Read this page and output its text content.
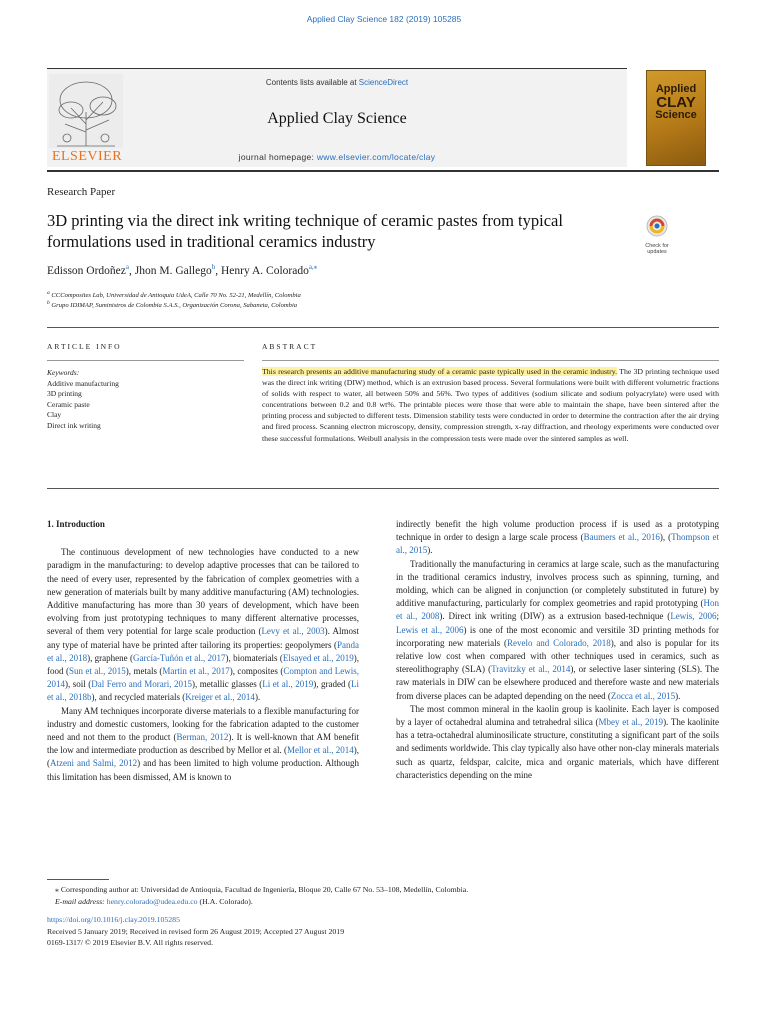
Applied Clay Science 182 (2019) 105285
ELSEVIER
Contents lists available at ScienceDirect
Applied Clay Science
journal homepage: www.elsevier.com/locate/clay
Applied
CLAY
Science
Research Paper
3D printing via the direct ink writing technique of ceramic pastes from typical formulations used in traditional ceramics industry	Check for updates
Edisson Ordoñez$^a$, Jhon M. Gallego$^b$, Henry A. Colorado$^{a,⁎}$
$^a$ CCComposites Lab, Universidad de Antioquia UdeA, Calle 70 No. 52-21, Medellín, Colombia
$^b$ Grupo IDIMAP, Suministros de Colombia S.A.S., Organización Corona, Sabaneta, Colombia
ARTICLE INFO	ABSTRACT
Keywords:
Additive manufacturing
3D printing
Ceramic paste
Clay
Direct ink writing
This research presents an additive manufacturing study of a ceramic paste typically used in the ceramic industry. The 3D printing technique used was the direct ink writing (DIW) method, which is an extrusion based process. Several formulations were built with different volumetric fractions of solids with respect to water, all between 50% and 56%. Two types of additives (sodium silicate and sodium polyacrylate) were used with concentrations between 0.2 and 0.8 wt%. The printable pieces were those that were able to maintain the shape, have been sintered after the printing process and subjected to different tests. Dimension stability tests were conducted in order to determine the contraction after the air drying and fired process. Scanning electron microscopy, density, compression strength, x-ray diffraction, and rheology experiments were conducted over these successful formulations. Weibull analysis in the compression tests were made over the sintered samples as well.

1. Introduction

The continuous development of new technologies have conducted to a new paradigm in the manufacturing: to develop adaptive processes that can be tailored to the need of every user, represented by the fabrication of complex geometries with a new generation of materials built by many additive manufacturing (AM) technologies. Additive manufacturing has more than 30 years of development, which have been evolving from just prototyping techniques to many different alternative processes, several of them very potential for large scale production (Levy et al., 2003). Almost any type of material have be printed after tailoring its properties: geopolymers (Panda et al., 2018), graphene (García-Tuñón et al., 2017), biomaterials (Elsayed et al., 2019), food (Sun et al., 2015), metals (Martin et al., 2017), composites (Compton and Lewis, 2014), soil (Dal Ferro and Morari, 2015), metallic glasses (Li et al., 2019), graded (Li et al., 2018b), and recycled materials (Kreiger et al., 2014).

Many AM techniques incorporate diverse materials to a flexible manufacturing for industry and domestic customers, looking for the fabrication adapted to the customer need and not them to the product (Berman, 2012). It is well-known that AM benefit the low and intermediate production as described by Mellor et al. (Mellor et al., 2014), (Atzeni and Salmi, 2012) and has been limited to high volume production. Although this limitation has been dismissed, AM is known to

indirectly benefit the high volume production process if is used as a prototyping technique in order to design a large scale process (Baumers et al., 2016), (Thompson et al., 2015).

Traditionally the manufacturing in ceramics at large scale, such as the manufacturing in the traditional ceramics industry, involves process such as spinning, turning, and molding, which can be aligned in conjunction (or completely substituted in future) by additive manufacturing, particularly for complex geometries and rapid prototyping (Hon et al., 2008). Direct ink writing (DIW) as a extrusion based-technique (Lewis, 2006; Lewis et al., 2006) is one of the most economic and versitile 3D printing methods for incorporating new materials (Revelo and Colorado, 2018), and also is popular for its relative low cost when compared with other techniques used in ceramics, such as stereolithography (SLA) (Travitzky et al., 2014), or selective laser sintering (SLS). The raw materials in DIW can be elsewhere produced and therefore waste and new materials from diverse places can be adapted depending on the need (Zocca et al., 2015).

The most common mineral in the kaolin group is kaolinite. Each layer is composed by a layer of octahedral alumina and tetrahedral silica (Mbey et al., 2019). The kaolinite has a tetra-octahedral aluminosilicate structure, constituting a significant part of the soils and sediments worldwide. This clay typically also have other non-clay minerals materials such as quartz, feldspar, calcite, mica and organic materials, which have different characteristics depending on the mine

⁎ Corresponding author at: Universidad de Antioquia, Facultad de Ingeniería, Bloque 20, Calle 67 No. 53–108, Medellín, Colombia.
E-mail address: henry.colorado@udea.edu.co (H.A. Colorado).
https://doi.org/10.1016/j.clay.2019.105285
Received 5 January 2019; Received in revised form 26 August 2019; Accepted 27 August 2019
0169-1317/ © 2019 Elsevier B.V. All rights reserved.
